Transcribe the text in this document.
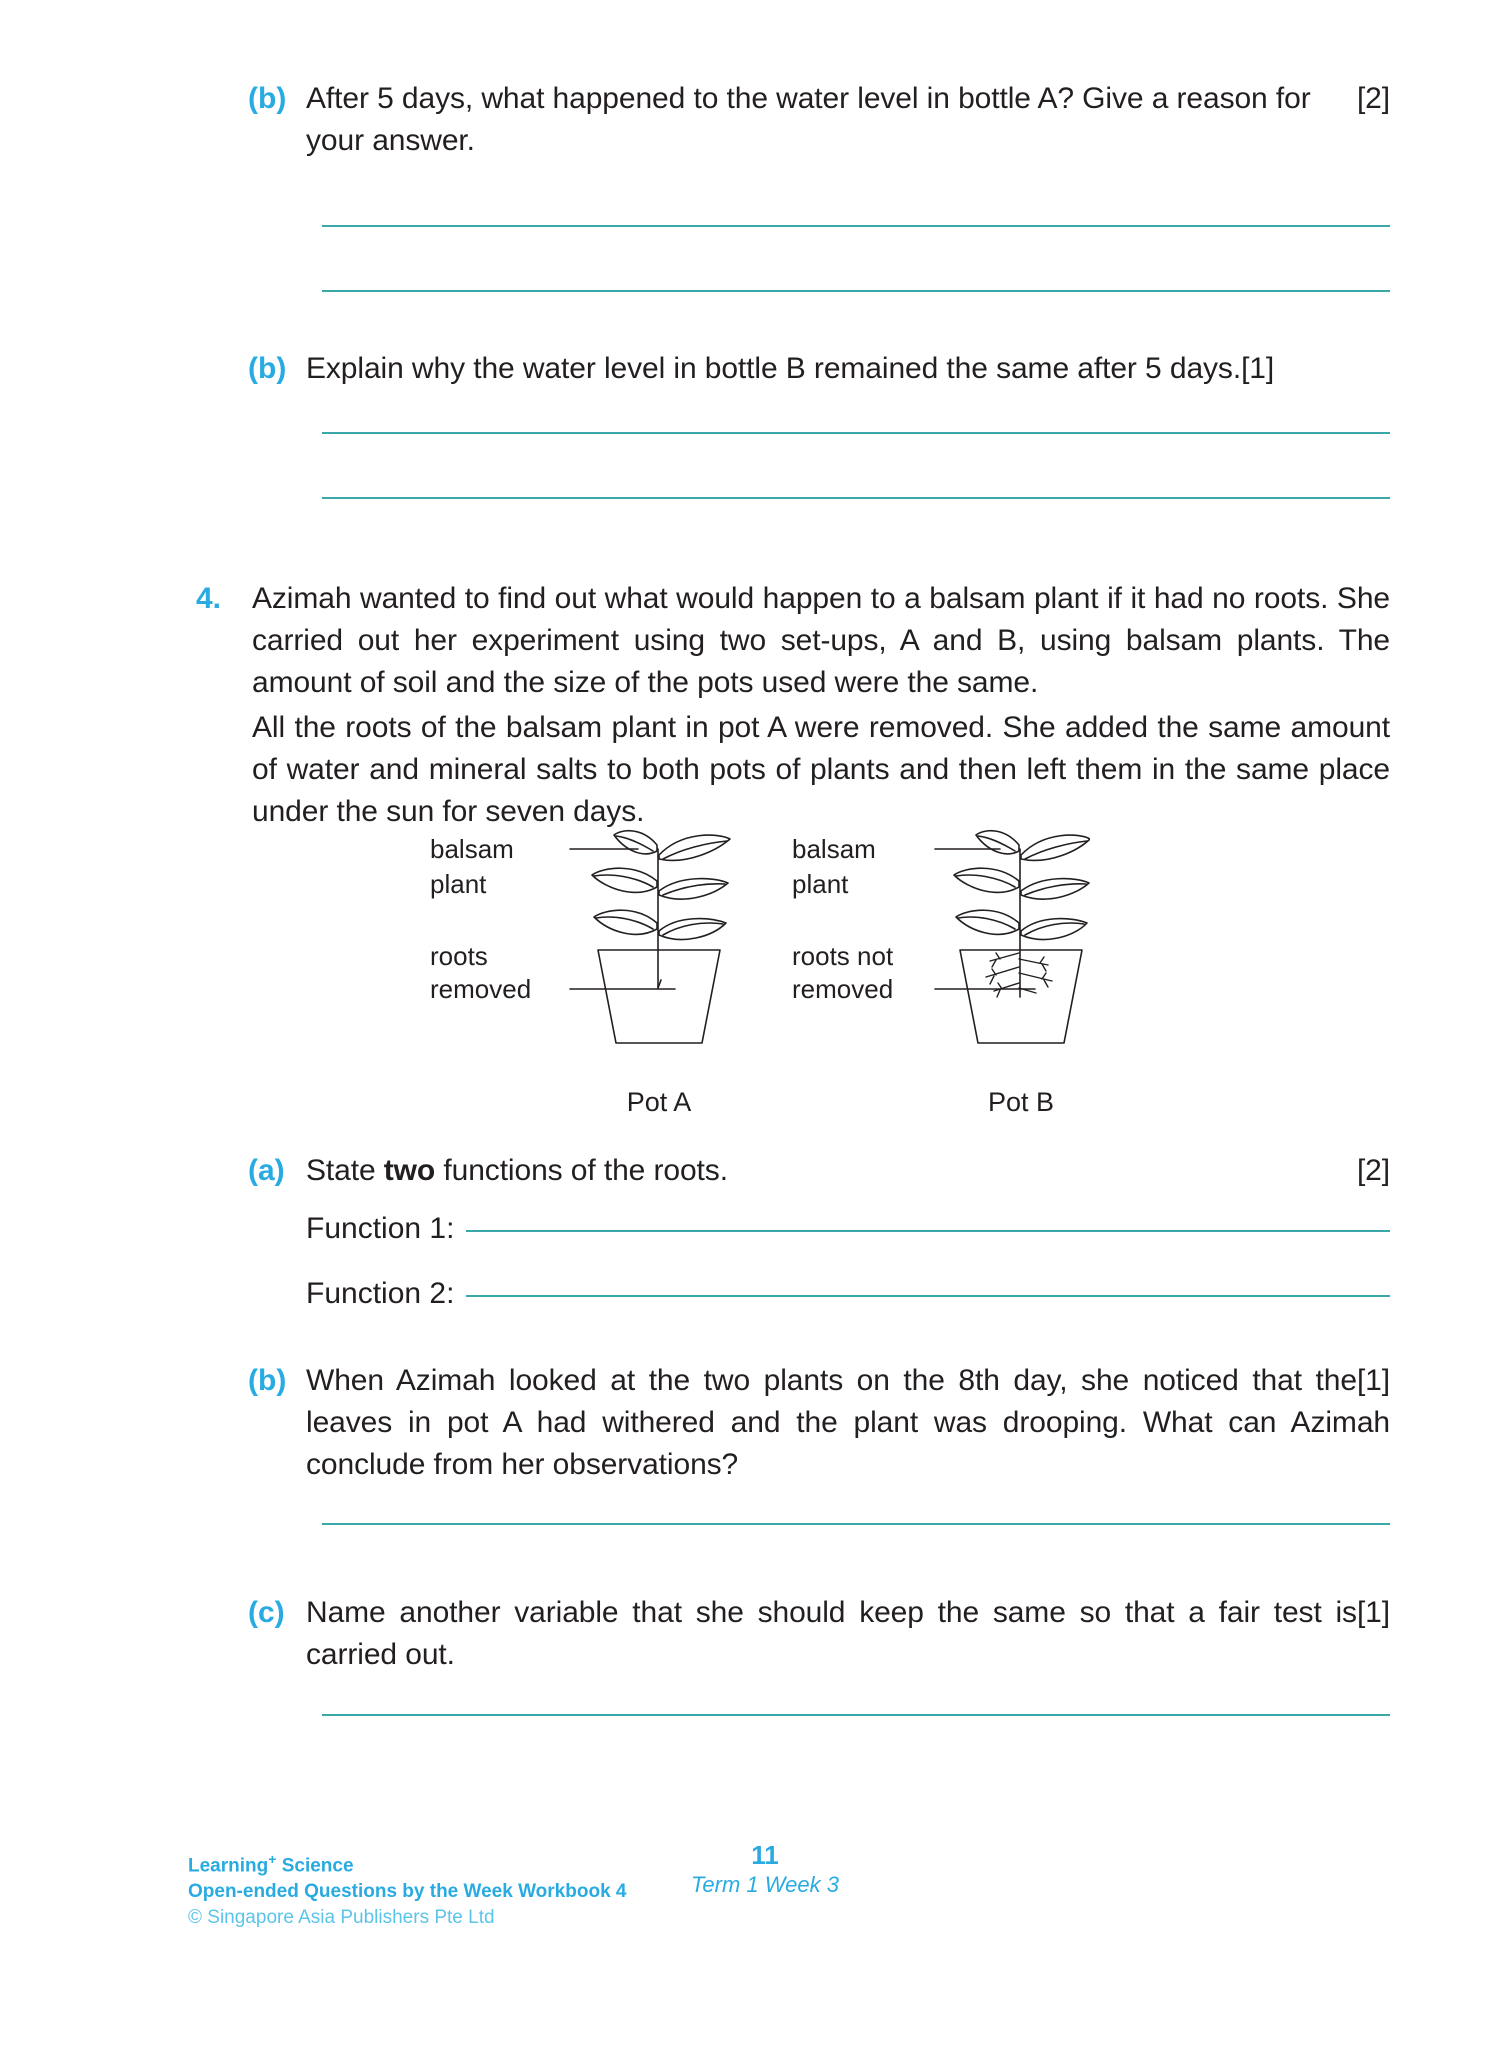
(b)	[2]
After 5 days, what happened to the water level in bottle A? Give a reason for your answer.
(b) Explain why the water level in bottle B remained the same after 5 days.[1]
4.	Azimah wanted to find out what would happen to a balsam plant if it had no roots. She carried out her experiment using two set-ups, A and B, using balsam plants. The amount of soil and the size of the pots used were the same.
All the roots of the balsam plant in pot A were removed. She added the same amount of water and mineral salts to both pots of plants and then left them in the same place under the sun for seven days.
balsam
plant
roots
removed
balsam
plant
roots not
removed
Pot A	Pot B
(a)	[2]
State two functions of the roots.
Function 1:
Function 2:
(b)	[1]
When Azimah looked at the two plants on the 8th day, she noticed that the leaves in pot A had withered and the plant was drooping. What can Azimah conclude from her observations?
(c)	[1]
Name another variable that she should keep the same so that a fair test is carried out.
Learning+ Science
Open-ended Questions by the Week Workbook 4
© Singapore Asia Publishers Pte Ltd
11
Term 1 Week 3
